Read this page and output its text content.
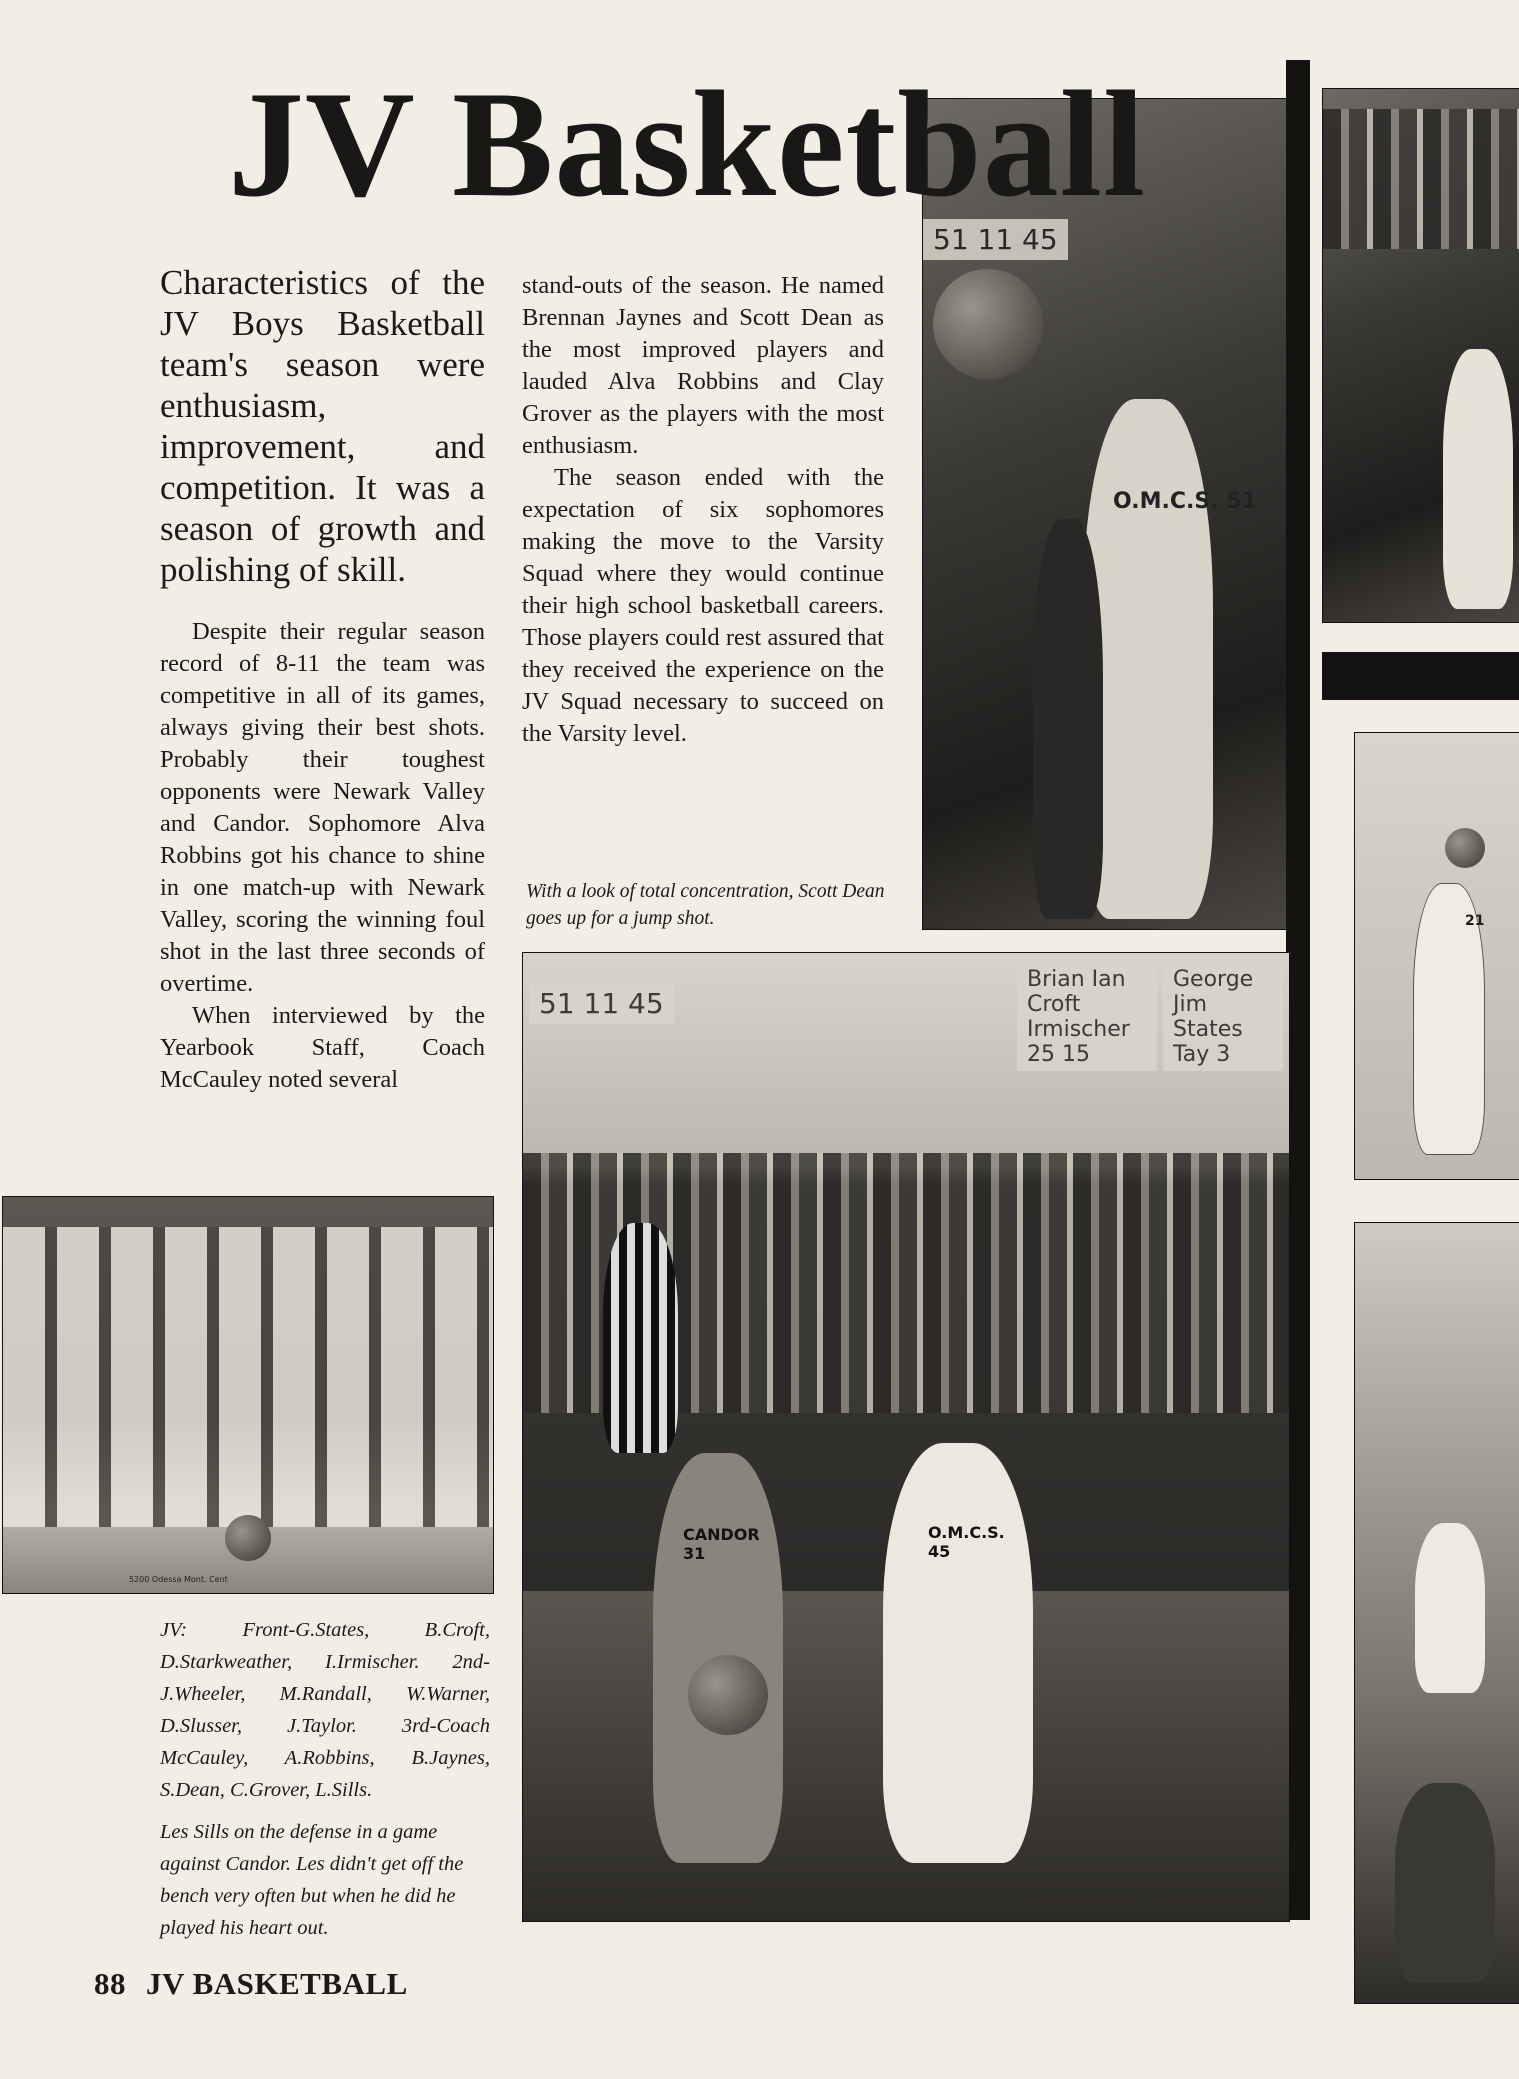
JV Basketball
51 11 45
O.M.C.S. 51
21

Characteristics of the JV Boys Basketball team's season were enthusiasm, improvement, and competition. It was a season of growth and polishing of skill.

Despite their regular season record of 8-11 the team was competitive in all of its games, always giving their best shots. Probably their toughest opponents were Newark Valley and Candor. Sophomore Alva Robbins got his chance to shine in one match-up with Newark Valley, scoring the winning foul shot in the last three seconds of overtime.

When interviewed by the Yearbook Staff, Coach McCauley noted several

stand-outs of the season. He named Brennan Jaynes and Scott Dean as the most improved players and lauded Alva Robbins and Clay Grover as the players with the most enthusiasm.

The season ended with the expectation of six sophomores making the move to the Varsity Squad where they would continue their high school basketball careers. Those players could rest assured that they received the experience on the JV Squad necessary to succeed on the Varsity level.

With a look of total concentration, Scott Dean goes up for a jump shot.
5200 Odessa Mont. Cent
JV: Front-G.States, B.Croft, D.Starkweather, I.Irmischer. 2nd-J.Wheeler, M.Randall, W.Warner, D.Slusser, J.Taylor. 3rd-Coach McCauley, A.Robbins, B.Jaynes, S.Dean, C.Grover, L.Sills.
Les Sills on the defense in a game against Candor. Les didn't get off the bench very often but when he did he played his heart out.
51 11 45
Brian Ian Croft Irmischer 25 15
George Jim States Tay 3
CANDOR 31
O.M.C.S. 45
88 JV BASKETBALL
